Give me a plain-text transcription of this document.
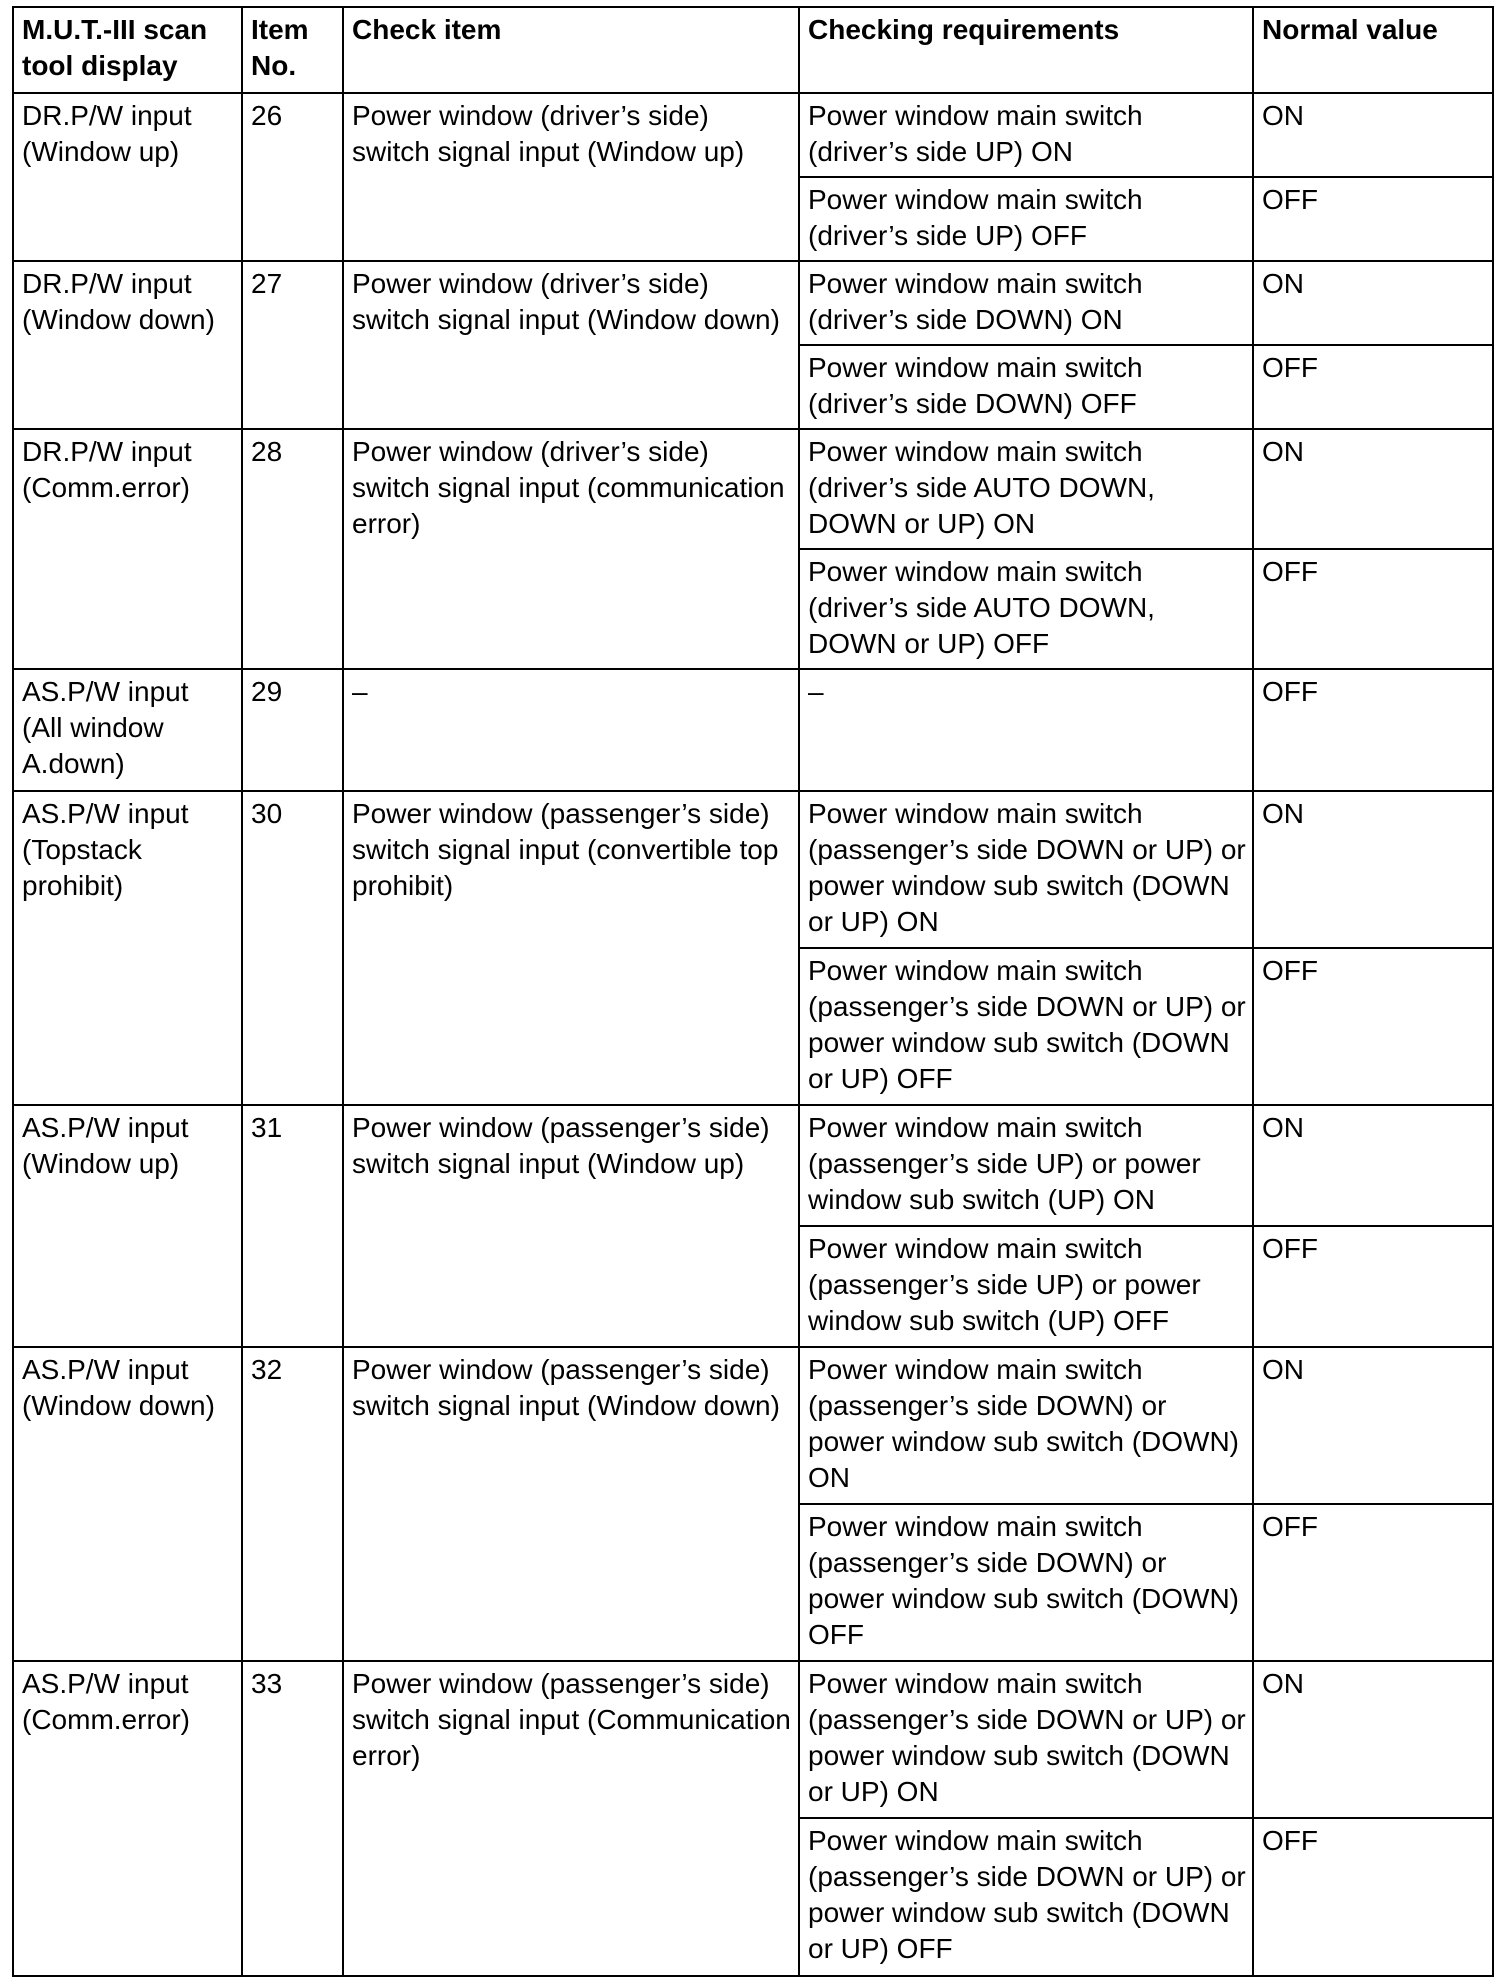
M.U.T.-III scan tool display	Item No.	Check item	Checking requirements	Normal value
DR.P/W input (Window up)	26	Power window (driver’s side) switch signal input (Window up)	Power window main switch (driver’s side UP) ON	ON
			Power window main switch (driver’s side UP) OFF	OFF
DR.P/W input (Window down)	27	Power window (driver’s side) switch signal input (Window down)	Power window main switch (driver’s side DOWN) ON	ON
			Power window main switch (driver’s side DOWN) OFF	OFF
DR.P/W input (Comm.error)	28	Power window (driver’s side) switch signal input (communication error)	Power window main switch (driver’s side AUTO DOWN, DOWN or UP) ON	ON
			Power window main switch (driver’s side AUTO DOWN, DOWN or UP) OFF	OFF
AS.P/W input (All window A.down)	29	–	–	OFF
AS.P/W input (Topstack prohibit)	30	Power window (passenger’s side) switch signal input (convertible top prohibit)	Power window main switch (passenger’s side DOWN or UP) or power window sub switch (DOWN or UP) ON	ON
			Power window main switch (passenger’s side DOWN or UP) or power window sub switch (DOWN or UP) OFF	OFF
AS.P/W input (Window up)	31	Power window (passenger’s side) switch signal input (Window up)	Power window main switch (passenger’s side UP) or power window sub switch (UP) ON	ON
			Power window main switch (passenger’s side UP) or power window sub switch (UP) OFF	OFF
AS.P/W input (Window down)	32	Power window (passenger’s side) switch signal input (Window down)	Power window main switch (passenger’s side DOWN) or power window sub switch (DOWN) ON	ON
			Power window main switch (passenger’s side DOWN) or power window sub switch (DOWN) OFF	OFF
AS.P/W input (Comm.error)	33	Power window (passenger’s side) switch signal input (Communication error)	Power window main switch (passenger’s side DOWN or UP) or power window sub switch (DOWN or UP) ON	ON
			Power window main switch (passenger’s side DOWN or UP) or power window sub switch (DOWN or UP) OFF	OFF
